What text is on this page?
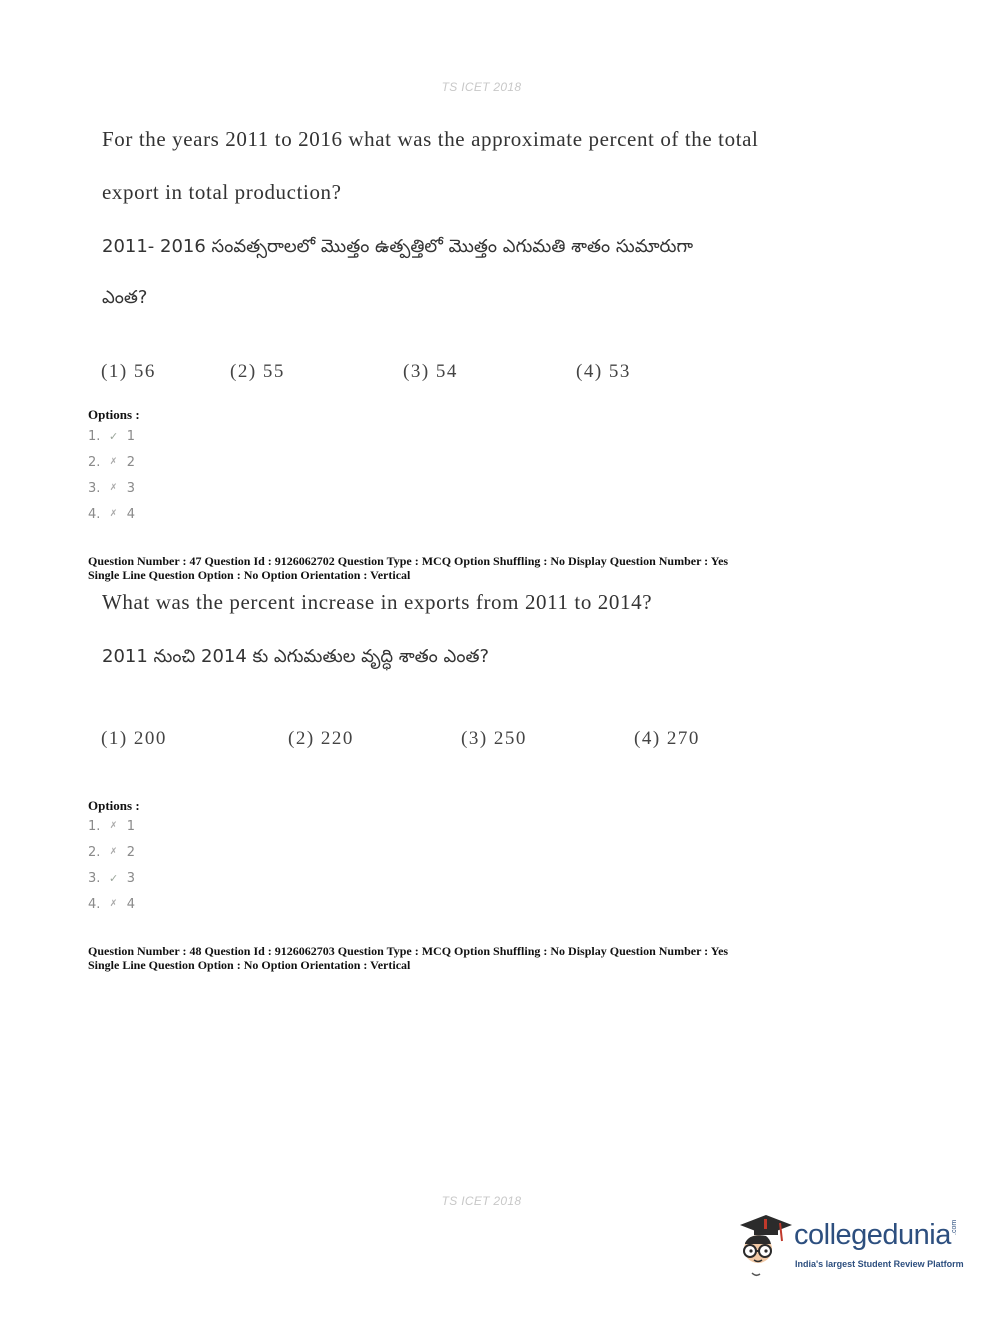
TS ICET 2018
For the years 2011 to 2016 what was the approximate percent of the total
export in total production?
2011- 2016 సంవత్సరాలలో మొత్తం ఉత్పత్తిలో మొత్తం ఎగుమతి శాతం సుమారుగా
ఎంత?
(1) 56	(2) 55	(3) 54	(4) 53
Options :
1. ✓ 1
2. ✗ 2
3. ✗ 3
4. ✗ 4
Question Number : 47 Question Id : 9126062702 Question Type : MCQ Option Shuffling : No Display Question Number : Yes
Single Line Question Option : No Option Orientation : Vertical
What was the percent increase in exports from 2011 to 2014?
2011 నుంచి 2014 కు ఎగుమతుల వృద్ధి శాతం ఎంత?
(1) 200	(2) 220	(3) 250	(4) 270
Options :
1. ✗ 1
2. ✗ 2
3. ✓ 3
4. ✗ 4
Question Number : 48 Question Id : 9126062703 Question Type : MCQ Option Shuffling : No Display Question Number : Yes
Single Line Question Option : No Option Orientation : Vertical
TS ICET 2018
collegedunia .com
India's largest Student Review Platform
